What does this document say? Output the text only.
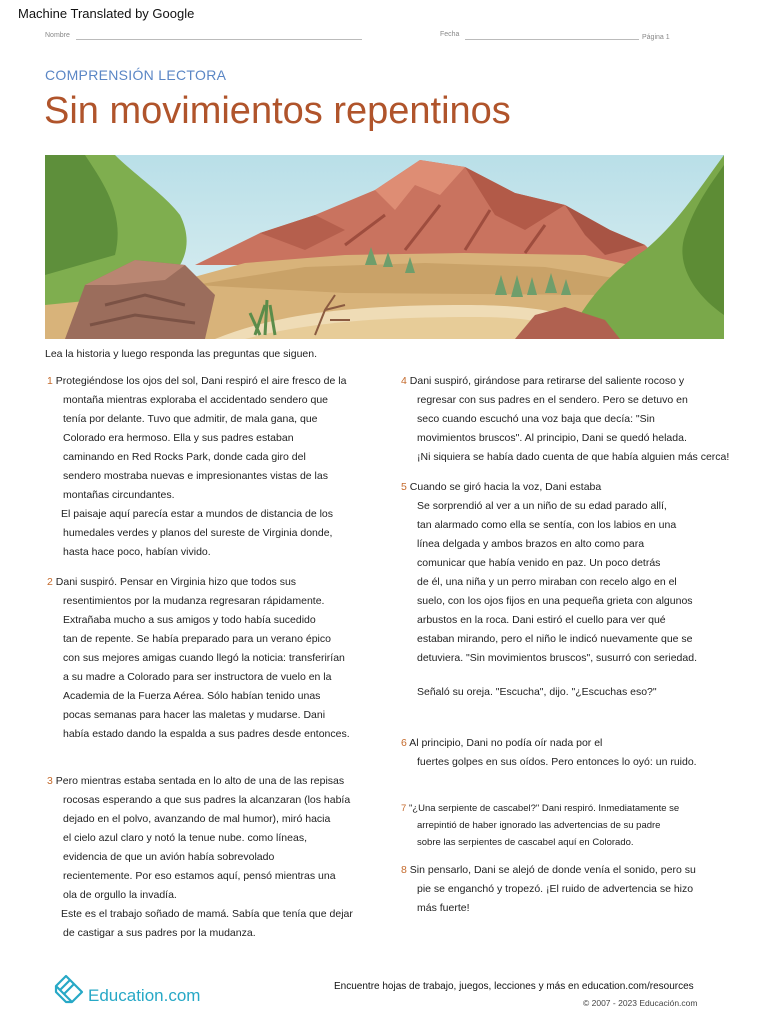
Machine Translated by Google
Nombre	Fecha	Página 1
COMPRENSIÓN LECTORA
Sin movimientos repentinos
Lea la historia y luego responda las preguntas que siguen.

1 Protegiéndose los ojos del sol, Dani respiró el aire fresco de la

montaña mientras exploraba el accidentado sendero que

tenía por delante. Tuvo que admitir, de mala gana, que

Colorado era hermoso. Ella y sus padres estaban

caminando en Red Rocks Park, donde cada giro del

sendero mostraba nuevas e impresionantes vistas de las

montañas circundantes.

El paisaje aquí parecía estar a mundos de distancia de los

humedales verdes y planos del sureste de Virginia donde,

hasta hace poco, habían vivido.

2 Dani suspiró. Pensar en Virginia hizo que todos sus

resentimientos por la mudanza regresaran rápidamente.

Extrañaba mucho a sus amigos y todo había sucedido

tan de repente. Se había preparado para un verano épico

con sus mejores amigas cuando llegó la noticia: transferirían

a su madre a Colorado para ser instructora de vuelo en la

Academia de la Fuerza Aérea. Sólo habían tenido unas

pocas semanas para hacer las maletas y mudarse. Dani

había estado dando la espalda a sus padres desde entonces.

3 Pero mientras estaba sentada en lo alto de una de las repisas

rocosas esperando a que sus padres la alcanzaran (los había

dejado en el polvo, avanzando de mal humor), miró hacia

el cielo azul claro y notó la tenue nube. como líneas,

evidencia de que un avión había sobrevolado

recientemente. Por eso estamos aquí, pensó mientras una

ola de orgullo la invadía.

Este es el trabajo soñado de mamá. Sabía que tenía que dejar

de castigar a sus padres por la mudanza.

4 Dani suspiró, girándose para retirarse del saliente rocoso y

regresar con sus padres en el sendero. Pero se detuvo en

seco cuando escuchó una voz baja que decía: "Sin

movimientos bruscos". Al principio, Dani se quedó helada.

¡Ni siquiera se había dado cuenta de que había alguien más cerca!

5 Cuando se giró hacia la voz, Dani estaba

Se sorprendió al ver a un niño de su edad parado allí,

tan alarmado como ella se sentía, con los labios en una

línea delgada y ambos brazos en alto como para

comunicar que había venido en paz. Un poco detrás

de él, una niña y un perro miraban con recelo algo en el

suelo, con los ojos fijos en una pequeña grieta con algunos

arbustos en la roca. Dani estiró el cuello para ver qué

estaban mirando, pero el niño le indicó nuevamente que se

detuviera. "Sin movimientos bruscos", susurró con seriedad.

Señaló su oreja. "Escucha", dijo. "¿Escuchas eso?"

6 Al principio, Dani no podía oír nada por el

fuertes golpes en sus oídos. Pero entonces lo oyó: un ruido.

7 "¿Una serpiente de cascabel?" Dani respiró. Inmediatamente se

arrepintió de haber ignorado las advertencias de su padre

sobre las serpientes de cascabel aquí en Colorado.

8 Sin pensarlo, Dani se alejó de donde venía el sonido, pero su

pie se enganchó y tropezó. ¡El ruido de advertencia se hizo

más fuerte!

Education.com	Encuentre hojas de trabajo, juegos, lecciones y más en education.com/resources
© 2007 - 2023 Educación.com
